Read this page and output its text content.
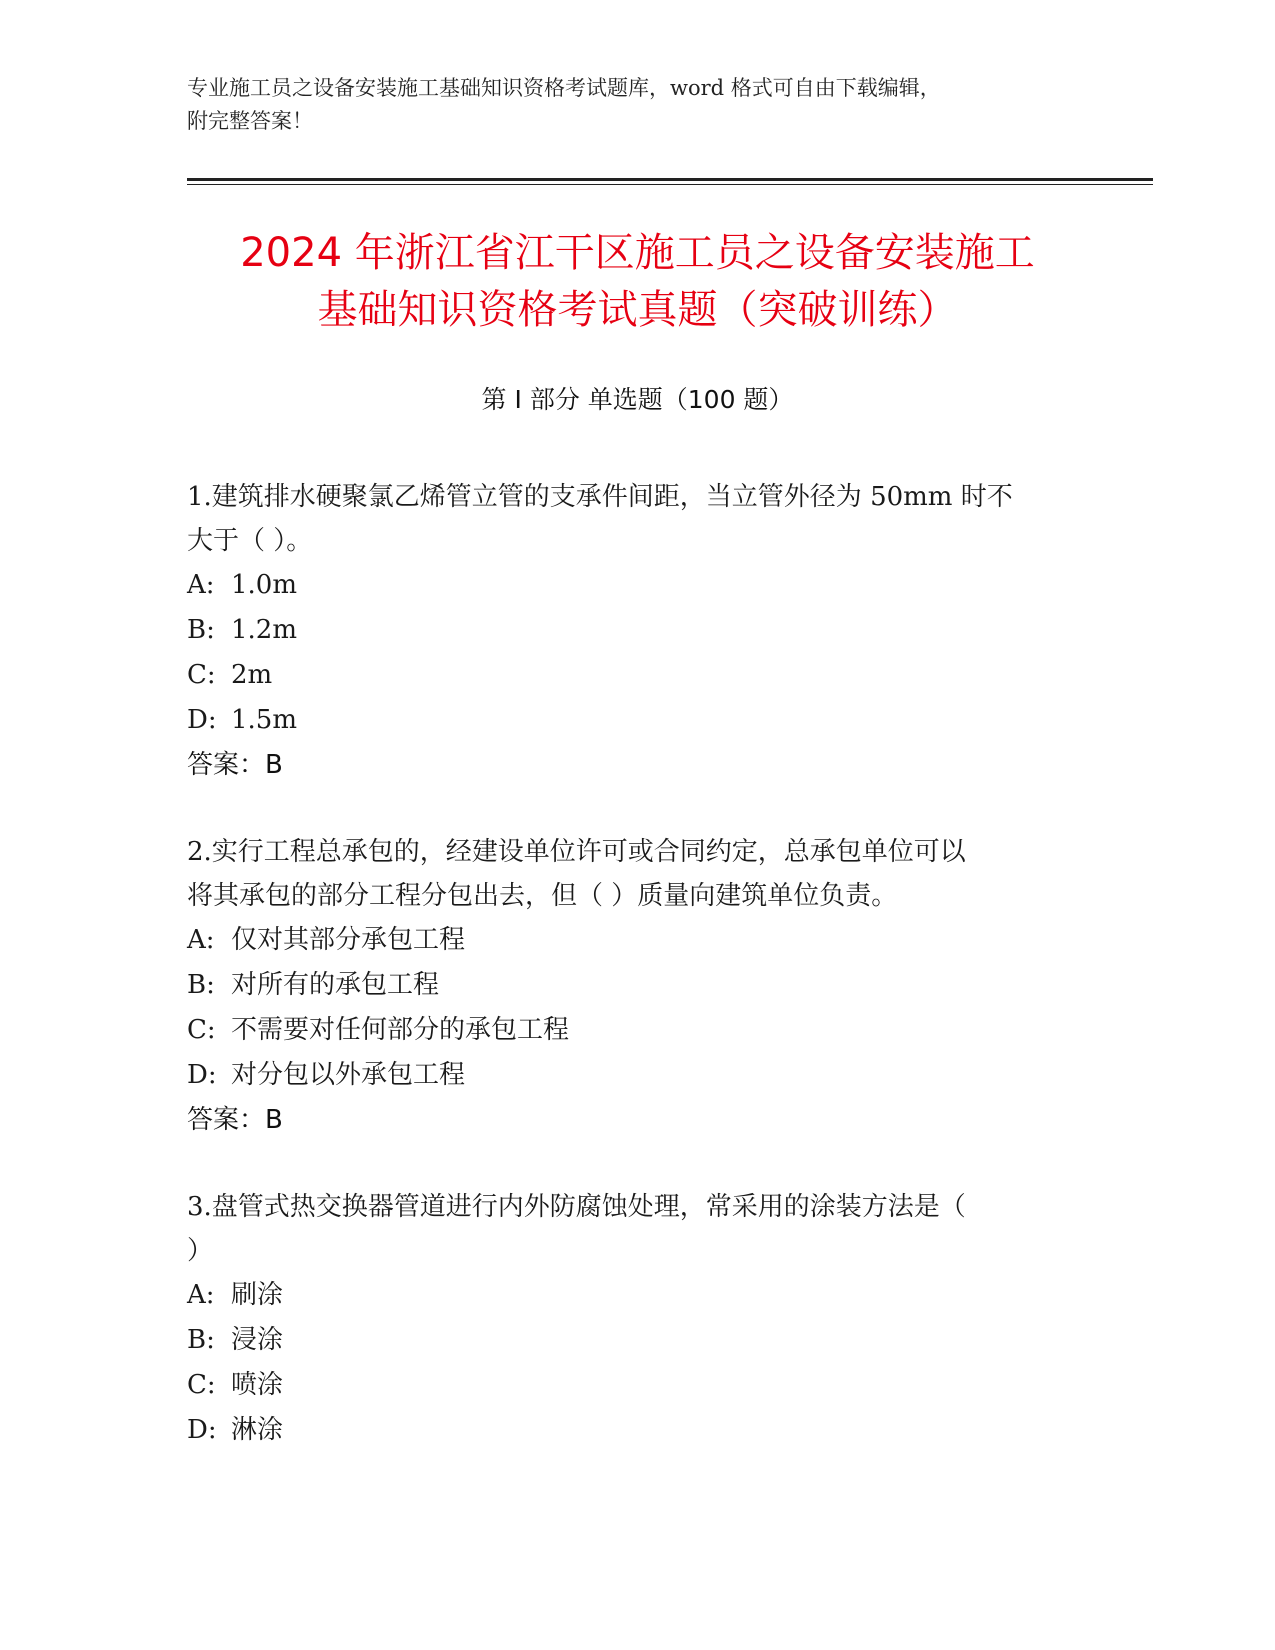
专业施工员之设备安装施工基础知识资格考试题库，word 格式可自由下载编辑，
附完整答案！
2024 年浙江省江干区施工员之设备安装施工
基础知识资格考试真题（突破训练）
第 I 部分 单选题（100 题）

1.建筑排水硬聚氯乙烯管立管的支承件间距，当立管外径为 50mm 时不
大于（ ）。

A: 1.0m

B: 1.2m

C: 2m

D: 1.5m

答案：B

2.实行工程总承包的，经建设单位许可或合同约定，总承包单位可以
将其承包的部分工程分包出去，但（ ）质量向建筑单位负责。

A: 仅对其部分承包工程

B: 对所有的承包工程

C: 不需要对任何部分的承包工程

D: 对分包以外承包工程

答案：B

3.盘管式热交换器管道进行内外防腐蚀处理，常采用的涂装方法是（
）

A: 刷涂

B: 浸涂

C: 喷涂

D: 淋涂
